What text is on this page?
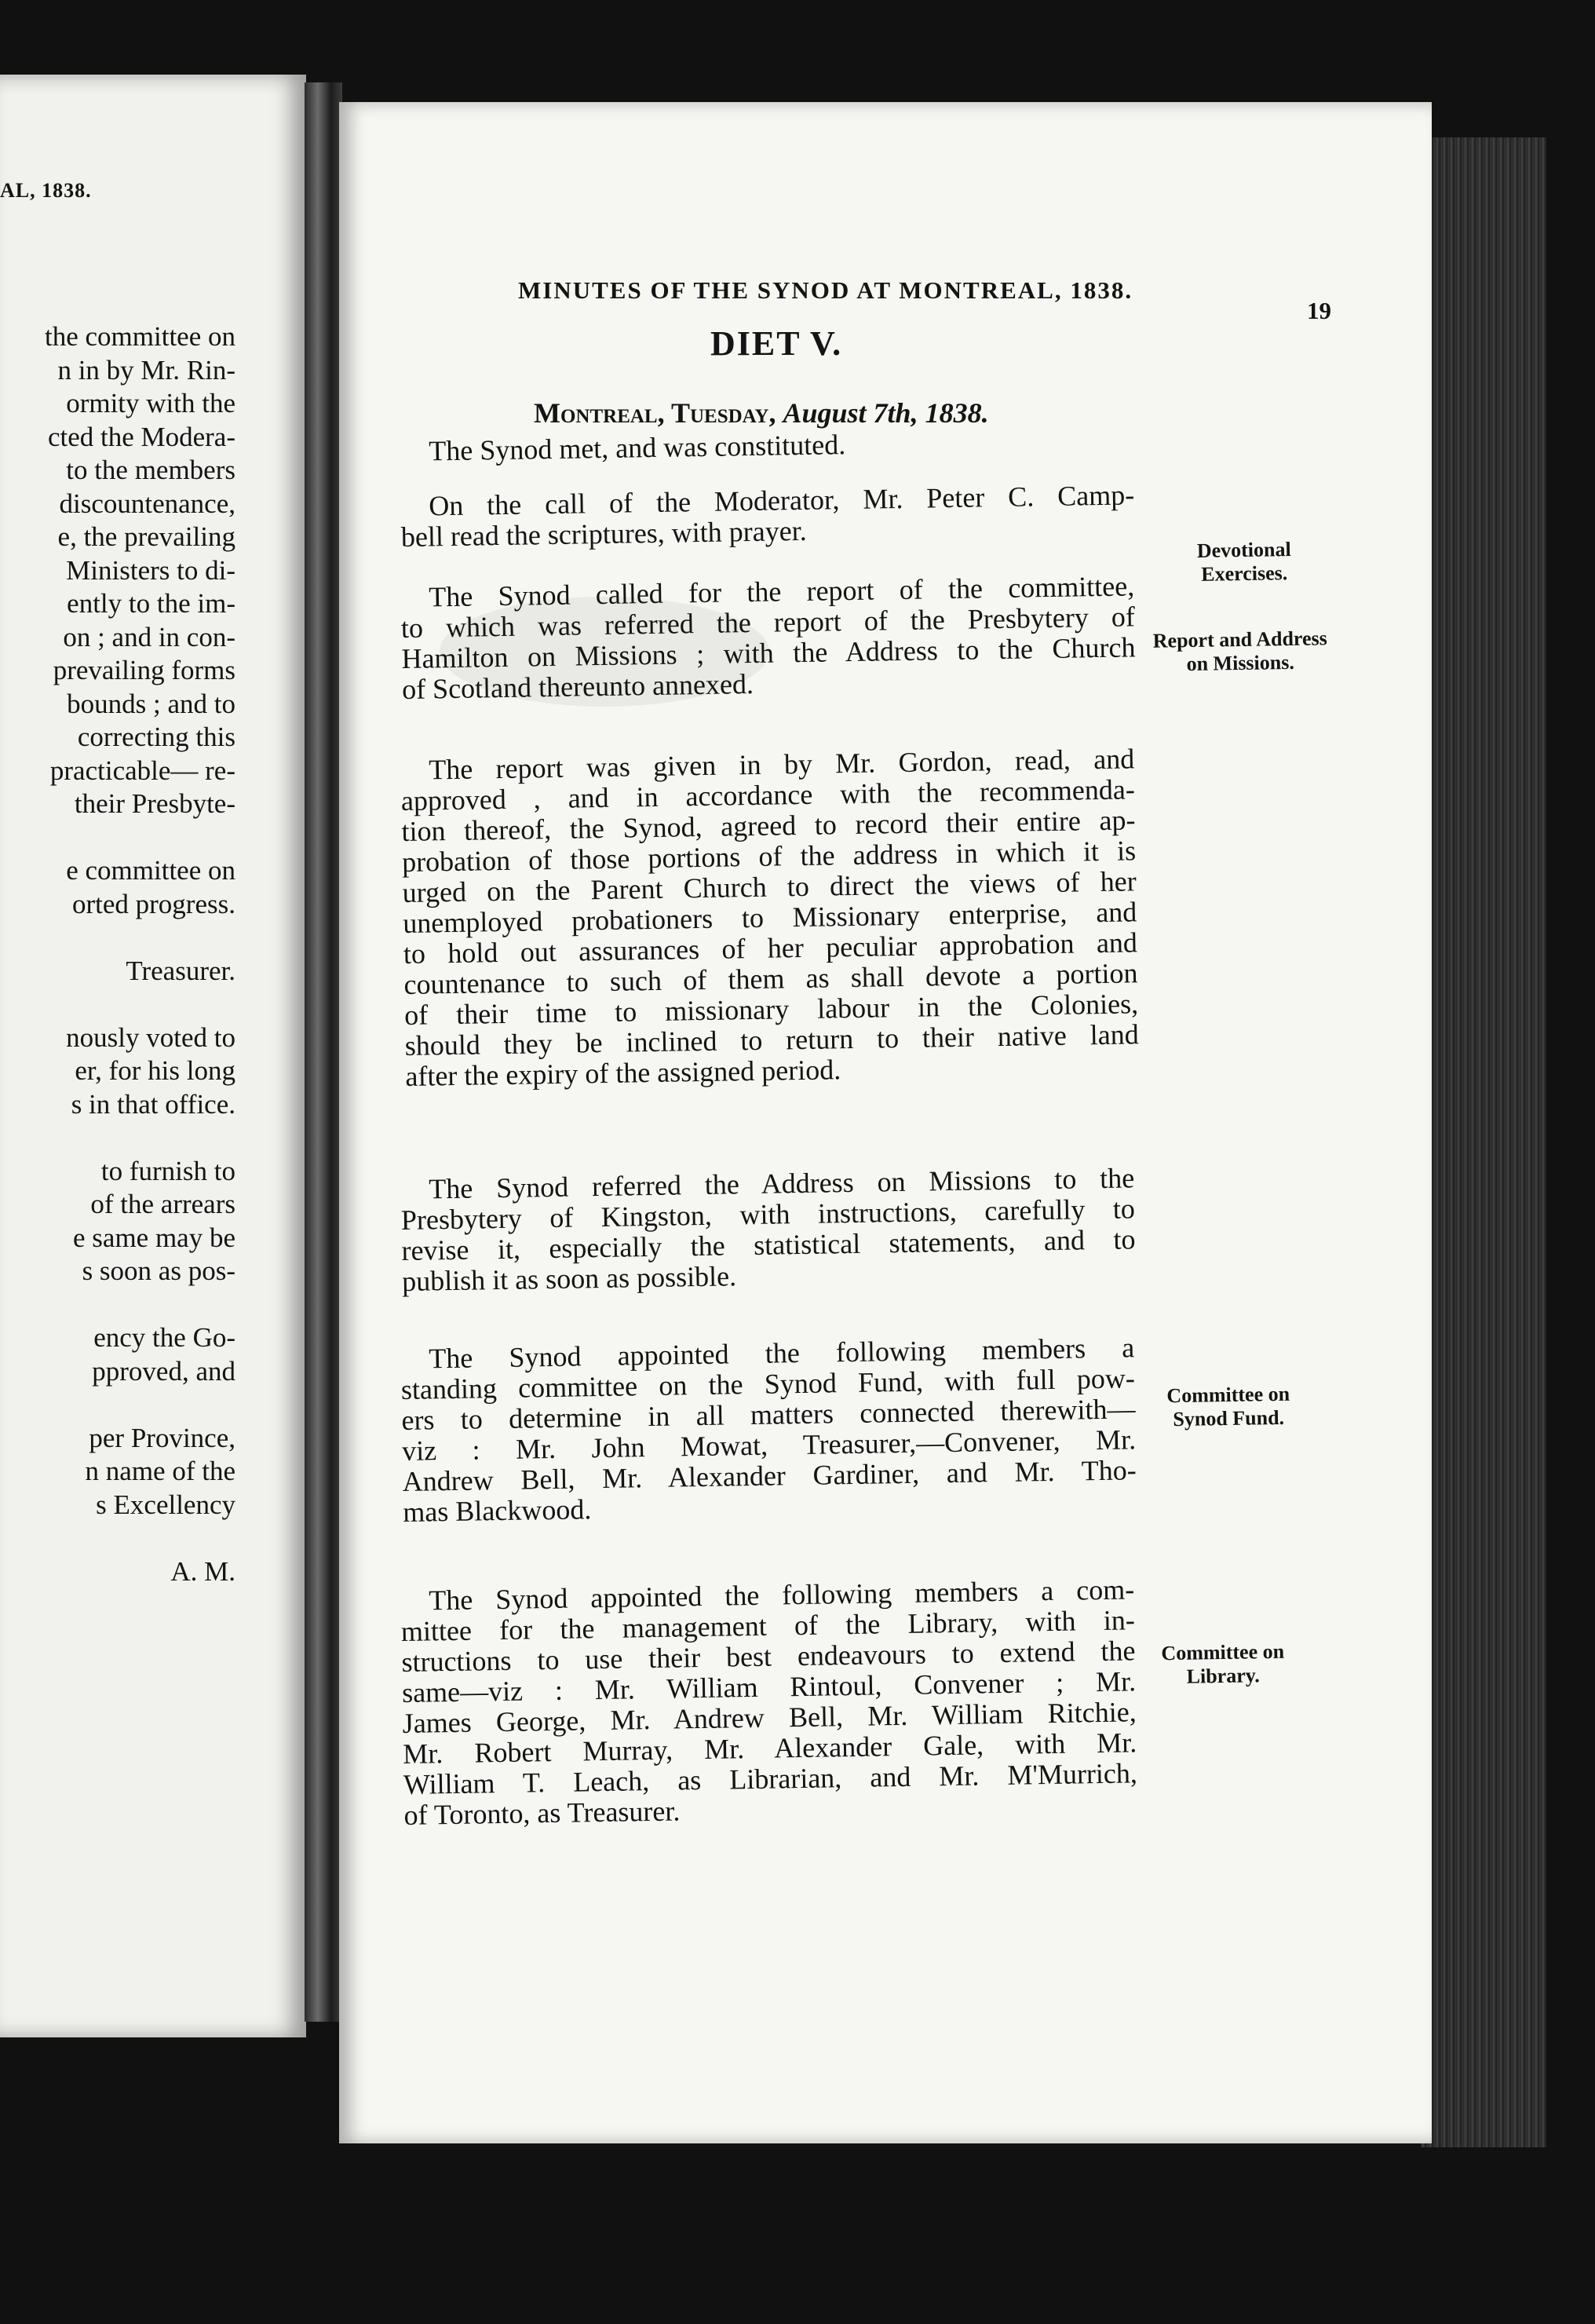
AL, 1838.
the committee on
n in by Mr. Rin-
ormity with the
cted the Modera-
to the members
discountenance,
e, the prevailing
Ministers to di-
ently to the im-
on ; and in con-
prevailing forms
bounds ; and to
correcting this
practicable— re-
their Presbyte-
e committee on
orted progress.
Treasurer.
nously voted to
er, for his long
s in that office.
to furnish to
of the arrears
e same may be
s soon as pos-
ency the Go-
pproved, and
per Province,
n name of the
s Excellency
A. M.
MINUTES OF THE SYNOD AT MONTREAL, 1838.
19
DIET V.
Montreal, Tuesday, August 7th, 1838.
The Synod met, and was constituted.
On the call of the Moderator, Mr. Peter C. Camp-
bell read the scriptures, with prayer.
The Synod called for the report of the committee,
to which was referred the report of the Presbytery of
Hamilton on Missions ; with the Address to the Church
of Scotland thereunto annexed.
The report was given in by Mr. Gordon, read, and
approved , and in accordance with the recommenda-
tion thereof, the Synod, agreed to record their entire ap-
probation of those portions of the address in which it is
urged on the Parent Church to direct the views of her
unemployed probationers to Missionary enterprise, and
to hold out assurances of her peculiar approbation and
countenance to such of them as shall devote a portion
of their time to missionary labour in the Colonies,
should they be inclined to return to their native land
after the expiry of the assigned period.
The Synod referred the Address on Missions to the
Presbytery of Kingston, with instructions, carefully to
revise it, especially the statistical statements, and to
publish it as soon as possible.
The Synod appointed the following members a
standing committee on the Synod Fund, with full pow-
ers to determine in all matters connected therewith—
viz : Mr. John Mowat, Treasurer,—Convener, Mr.
Andrew Bell, Mr. Alexander Gardiner, and Mr. Tho-
mas Blackwood.
The Synod appointed the following members a com-
mittee for the management of the Library, with in-
structions to use their best endeavours to extend the
same—viz : Mr. William Rintoul, Convener ; Mr.
James George, Mr. Andrew Bell, Mr. William Ritchie,
Mr. Robert Murray, Mr. Alexander Gale, with Mr.
William T. Leach, as Librarian, and Mr. M'Murrich,
of Toronto, as Treasurer.
Devotional Exercises.
Report and Address on Missions.
Committee on Synod Fund.
Committee on Library.
